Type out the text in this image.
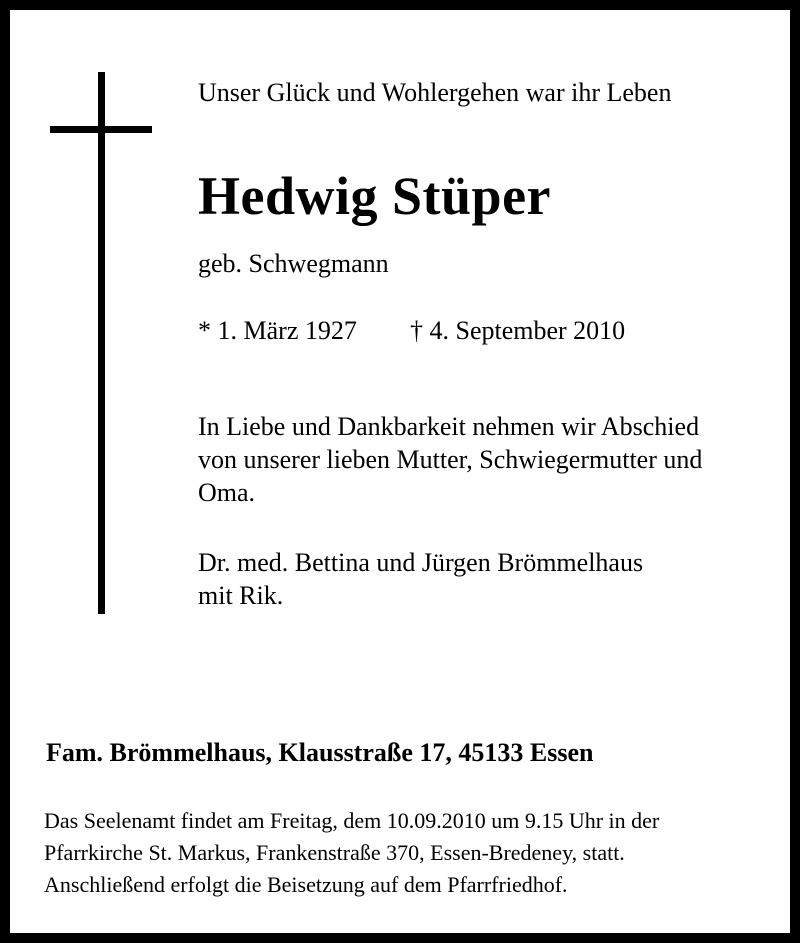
Unser Glück und Wohlergehen war ihr Leben

Hedwig Stüper

geb. Schwegmann

* 1. März 1927 † 4. September 2010

In Liebe und Dankbarkeit nehmen wir Abschied
von unserer lieben Mutter, Schwiegermutter und
Oma.

Dr. med. Bettina und Jürgen Brömmelhaus
mit Rik.

Fam. Brömmelhaus, Klausstraße 17, 45133 Essen

Das Seelenamt findet am Freitag, dem 10.09.2010 um 9.15 Uhr in der
Pfarrkirche St. Markus, Frankenstraße 370, Essen-Bredeney, statt.
Anschließend erfolgt die Beisetzung auf dem Pfarrfriedhof.
